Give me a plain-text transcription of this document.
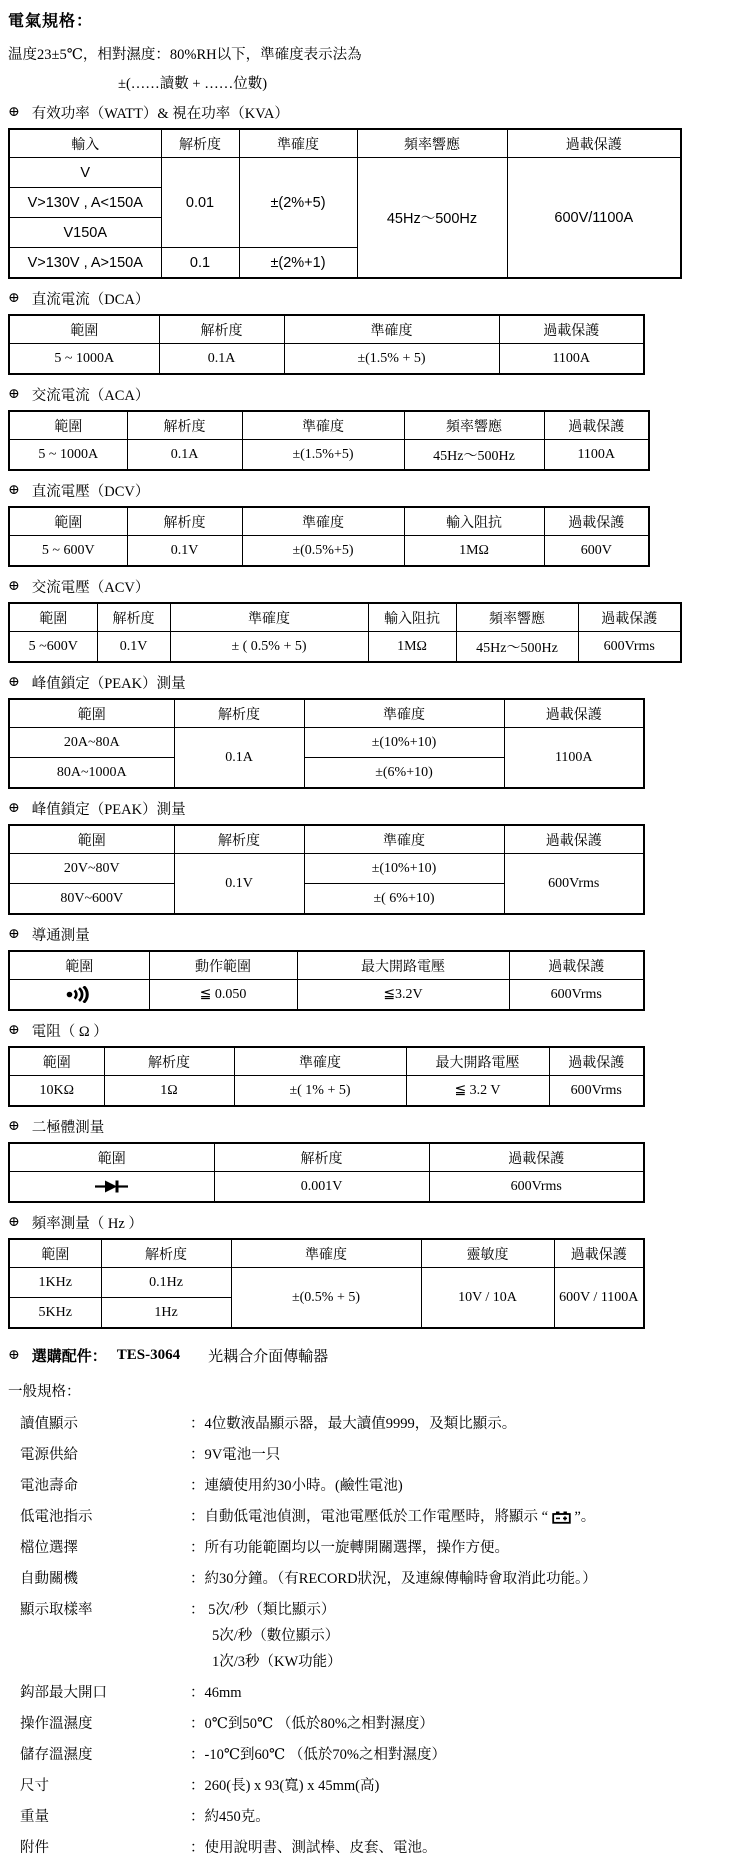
電氣規格：
温度23±5℃，相對濕度：80%RH以下，準確度表示法為
±(……讀數 + ……位數)
⊕ 有效功率（WATT）& 視在功率（KVA）
輸入	解析度	準確度	頻率響應	過載保護
V	0.01	±(2%+5)	45Hz～500Hz	600V/1100A
V>130V , A<150A				
V150A				
V>130V , A>150A	0.1	±(2%+1)		
⊕ 直流電流（DCA）
範圍	解析度	準確度	過載保護
5 ~ 1000A	0.1A	±(1.5% + 5)	1100A
⊕ 交流電流（ACA）
範圍	解析度	準確度	頻率響應	過載保護
5 ~ 1000A	0.1A	±(1.5%+5)	45Hz～500Hz	1100A
⊕ 直流電壓（DCV）
範圍	解析度	準確度	輸入阻抗	過載保護
5 ~ 600V	0.1V	±(0.5%+5)	1MΩ	600V
⊕ 交流電壓（ACV）
範圍	解析度	準確度	輸入阻抗	頻率響應	過載保護
5 ~600V	0.1V	± ( 0.5% + 5)	1MΩ	45Hz～500Hz	600Vrms
⊕ 峰值鎖定（PEAK）測量
範圍	解析度	準確度	過載保護
20A~80A	0.1A	±(10%+10)	1100A
80A~1000A		±(6%+10)	
⊕ 峰值鎖定（PEAK）測量
範圍	解析度	準確度	過載保護
20V~80V	0.1V	±(10%+10)	600Vrms
80V~600V		±( 6%+10)	
⊕ 導通測量
範圍	動作範圍	最大開路電壓	過載保護
	≦ 0.050	≦3.2V	600Vrms
⊕ 電阻（ Ω ）
範圍	解析度	準確度	最大開路電壓	過載保護
10KΩ	1Ω	±( 1% + 5)	≦ 3.2 V	600Vrms
⊕ 二極體測量
範圍	解析度	過載保護
	0.001V	600Vrms
⊕ 頻率測量（ Hz ）
範圍	解析度	準確度	靈敏度	過載保護
1KHz	0.1Hz	±(0.5% + 5)	10V / 10A	600V / 1100A
5KHz	1Hz			
⊕ 選購配件： TES-3064 光耦合介面傳輸器
一般規格：
讀值顯示	：4位數液晶顯示器，最大讀值9999，及類比顯示。
電源供給	：9V電池一只
電池壽命	：連續使用約30小時。(鹼性電池)
低電池指示	：自動低電池偵測，電池電壓低於工作電壓時，將顯示 “  ”。
檔位選擇	：所有功能範圍均以一旋轉開關選擇，操作方便。
自動關機	：約30分鐘。（有RECORD狀況，及連線傳輸時會取消此功能。）
顯示取樣率	： 5次/秒（類比顯示）
5次/秒（數位顯示）
1次/3秒（KW功能）
鈎部最大開口	：46mm
操作溫濕度	：0℃到50℃ （低於80%之相對濕度）
儲存溫濕度	：-10℃到60℃ （低於70%之相對濕度）
尺寸	：260(長) x 93(寬) x 45mm(高)
重量	：約450克。
附件	：使用說明書、測試棒、皮套、電池。
